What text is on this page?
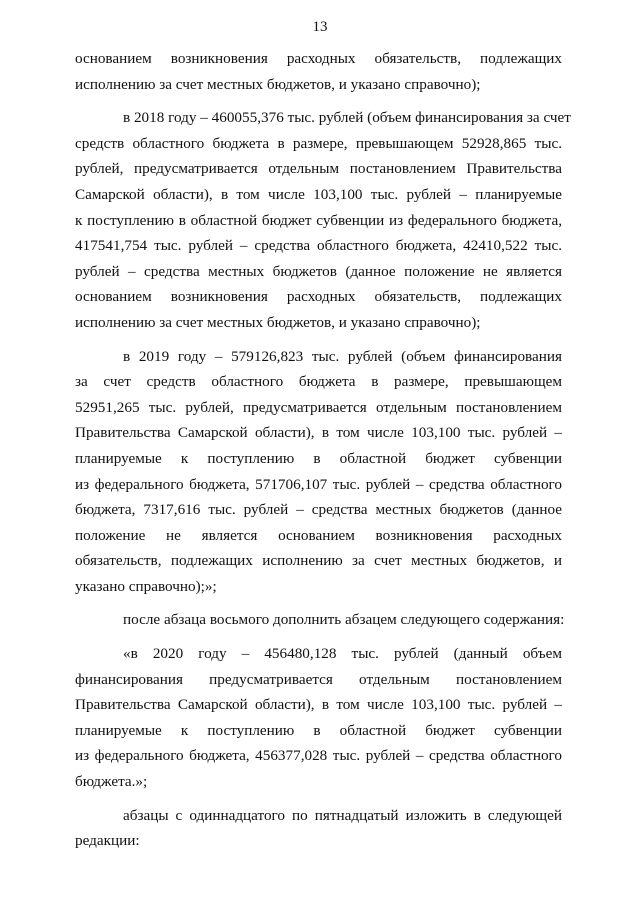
13

основанием возникновения расходных обязательств, подлежащих
исполнению за счет местных бюджетов, и указано справочно);

в 2018 году – 460055,376 тыс. рублей (объем финансирования за счет
средств областного бюджета в размере, превышающем 52928,865 тыс.
рублей, предусматривается отдельным постановлением Правительства
Самарской области), в том числе 103,100 тыс. рублей – планируемые
к поступлению в областной бюджет субвенции из федерального бюджета,
417541,754 тыс. рублей – средства областного бюджета, 42410,522 тыс.
рублей – средства местных бюджетов (данное положение не является
основанием возникновения расходных обязательств, подлежащих
исполнению за счет местных бюджетов, и указано справочно);

в 2019 году – 579126,823 тыс. рублей (объем финансирования
за счет средств областного бюджета в размере, превышающем
52951,265 тыс. рублей, предусматривается отдельным постановлением
Правительства Самарской области), в том числе 103,100 тыс. рублей –
планируемые к поступлению в областной бюджет субвенции
из федерального бюджета, 571706,107 тыс. рублей – средства областного
бюджета, 7317,616 тыс. рублей – средства местных бюджетов (данное
положение не является основанием возникновения расходных
обязательств, подлежащих исполнению за счет местных бюджетов, и
указано справочно);»;

после абзаца восьмого дополнить абзацем следующего содержания:

«в 2020 году – 456480,128 тыс. рублей (данный объем
финансирования предусматривается отдельным постановлением
Правительства Самарской области), в том числе 103,100 тыс. рублей –
планируемые к поступлению в областной бюджет субвенции
из федерального бюджета, 456377,028 тыс. рублей – средства областного
бюджета.»;

абзацы с одиннадцатого по пятнадцатый изложить в следующей
редакции:
